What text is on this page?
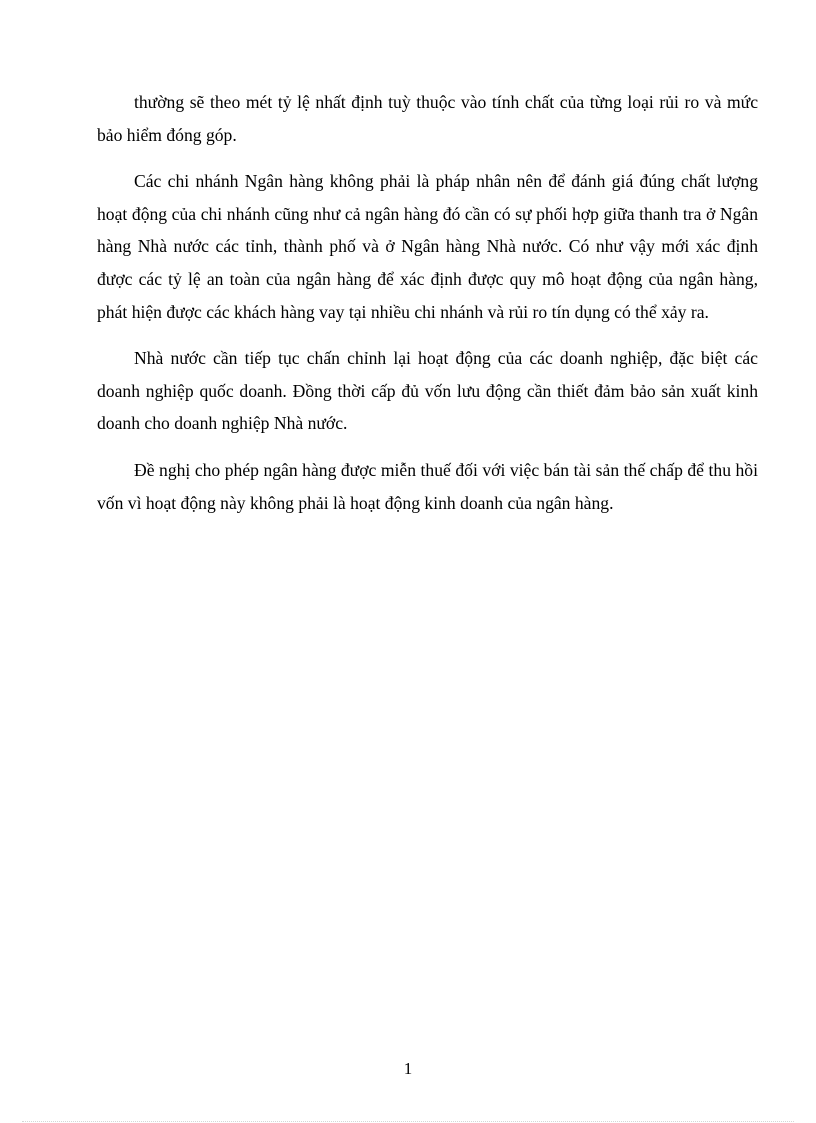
thường sẽ theo mét tỷ lệ nhất định tuỳ thuộc vào tính chất của từng loại rủi ro và mức bảo hiểm đóng góp.

Các chi nhánh Ngân hàng không phải là pháp nhân nên để đánh giá đúng chất lượng hoạt động của chi nhánh cũng như cả ngân hàng đó cần có sự phối hợp giữa thanh tra ở Ngân hàng Nhà nước các tỉnh, thành phố và ở Ngân hàng Nhà nước. Có như vậy mới xác định được các tỷ lệ an toàn của ngân hàng để xác định được quy mô hoạt động của ngân hàng, phát hiện được các khách hàng vay tại nhiều chi nhánh và rủi ro tín dụng có thể xảy ra.

Nhà nước cần tiếp tục chấn chỉnh lại hoạt động của các doanh nghiệp, đặc biệt các doanh nghiệp quốc doanh. Đồng thời cấp đủ vốn lưu động cần thiết đảm bảo sản xuất kinh doanh cho doanh nghiệp Nhà nước.

Đề nghị cho phép ngân hàng được miễn thuế đối với việc bán tài sản thế chấp để thu hồi vốn vì hoạt động này không phải là hoạt động kinh doanh của ngân hàng.

1
